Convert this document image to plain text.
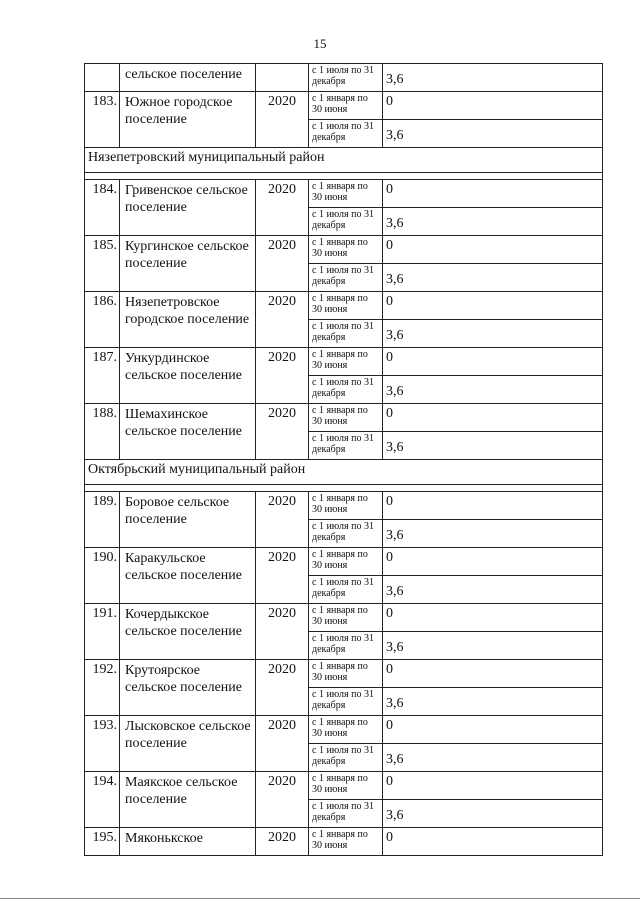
15
	сельское поселение		с 1 июля по 31 декабря	3,6
183.	Южное городское поселение	2020	с 1 января по 30 июня	0
			с 1 июля по 31 декабря	3,6
Нязепетровский муниципальный район				

184.	Гривенское сельское поселение	2020	с 1 января по 30 июня	0
			с 1 июля по 31 декабря	3,6
185.	Кургинское сельское поселение	2020	с 1 января по 30 июня	0
			с 1 июля по 31 декабря	3,6
186.	Нязепетровское городское поселение	2020	с 1 января по 30 июня	0
			с 1 июля по 31 декабря	3,6
187.	Ункурдинское сельское поселение	2020	с 1 января по 30 июня	0
			с 1 июля по 31 декабря	3,6
188.	Шемахинское сельское поселение	2020	с 1 января по 30 июня	0
			с 1 июля по 31 декабря	3,6
Октябрьский муниципальный район				

189.	Боровое сельское поселение	2020	с 1 января по 30 июня	0
			с 1 июля по 31 декабря	3,6
190.	Каракульское сельское поселение	2020	с 1 января по 30 июня	0
			с 1 июля по 31 декабря	3,6
191.	Кочердыкское сельское поселение	2020	с 1 января по 30 июня	0
			с 1 июля по 31 декабря	3,6
192.	Крутоярское сельское поселение	2020	с 1 января по 30 июня	0
			с 1 июля по 31 декабря	3,6
193.	Лысковское сельское поселение	2020	с 1 января по 30 июня	0
			с 1 июля по 31 декабря	3,6
194.	Маякское сельское поселение	2020	с 1 января по 30 июня	0
			с 1 июля по 31 декабря	3,6
195.	Мяконькское	2020	с 1 января по 30 июня	0
